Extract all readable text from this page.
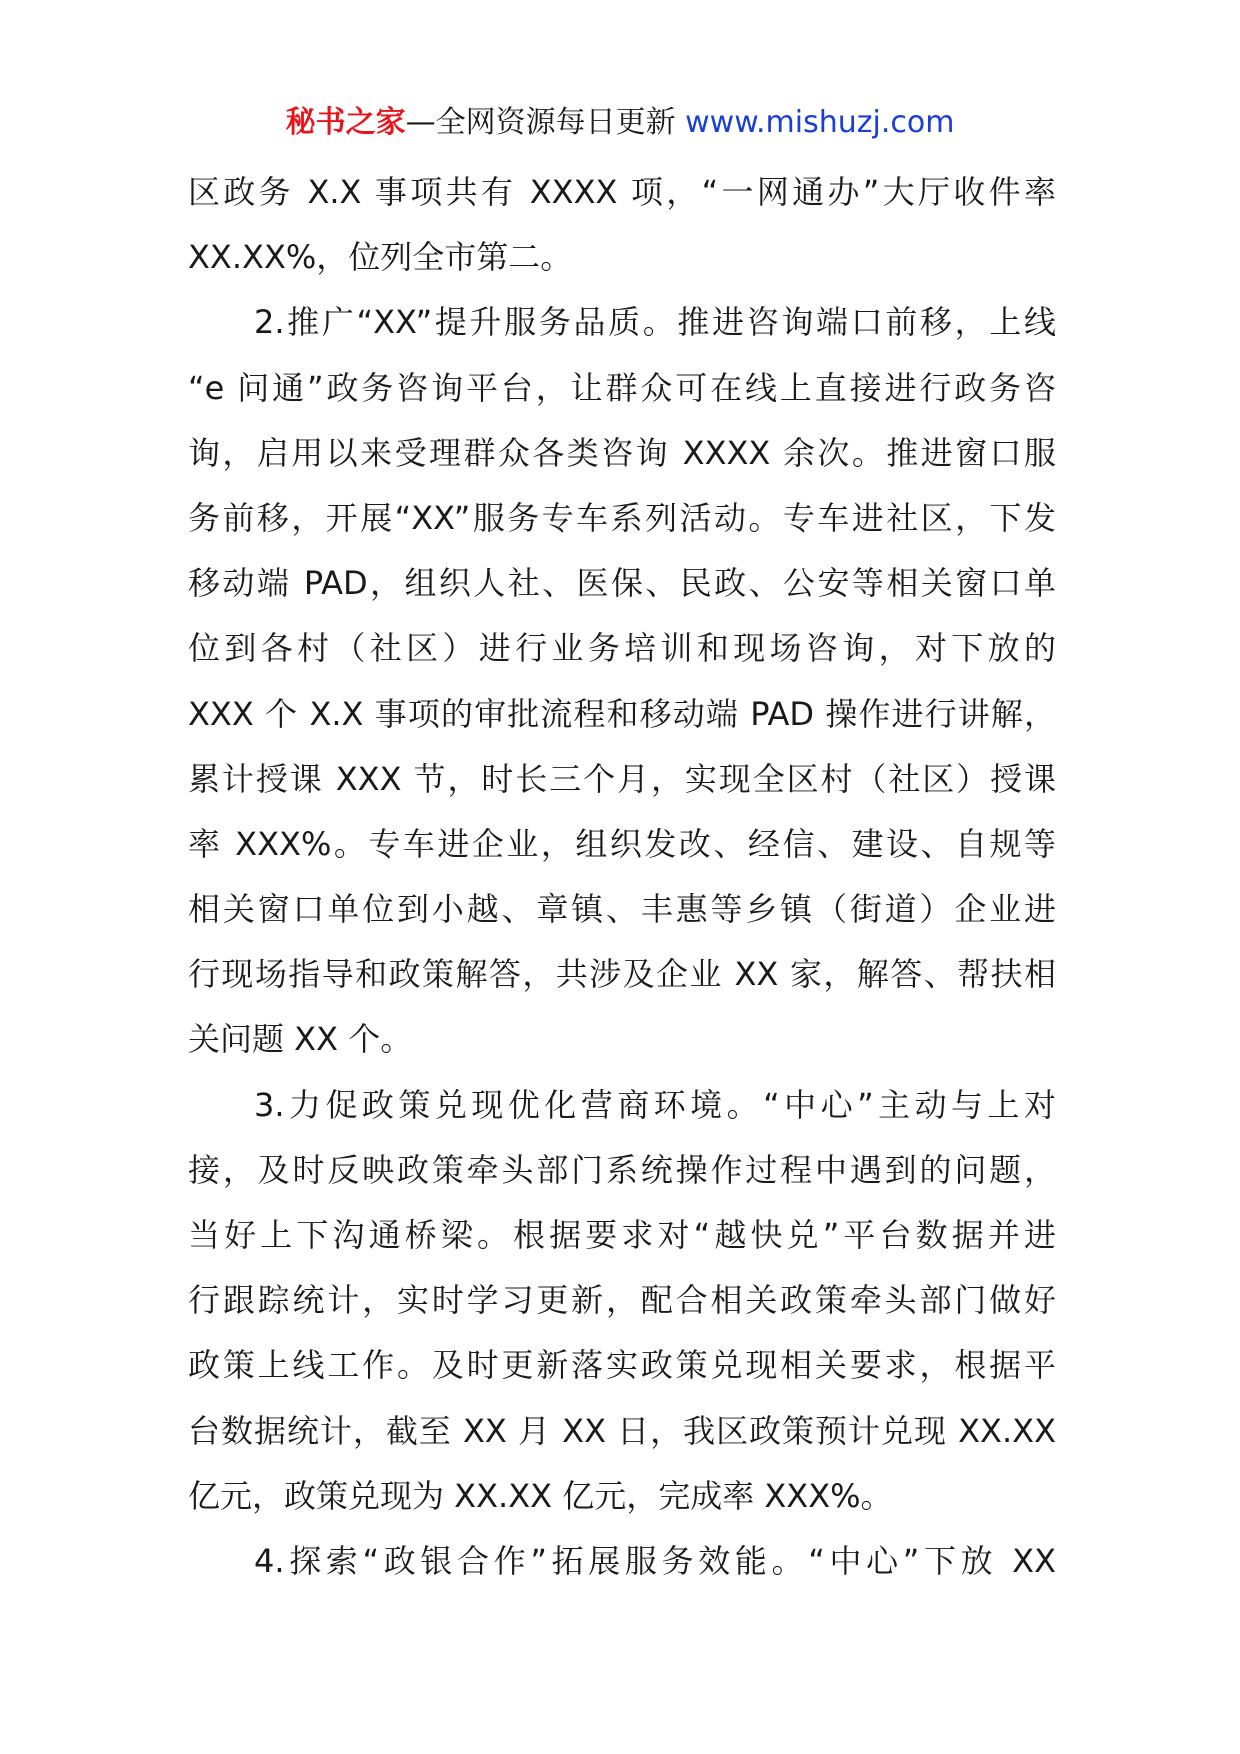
秘书之家—全网资源每日更新 www.mishuzj.com
区政务 X.X 事项共有 XXXX 项，“一网通办”大厅收件率
XX.XX%，位列全市第二。
2.推广“XX”提升服务品质。推进咨询端口前移，上线
“e 问通”政务咨询平台，让群众可在线上直接进行政务咨
询，启用以来受理群众各类咨询 XXXX 余次。推进窗口服
务前移，开展“XX”服务专车系列活动。专车进社区，下发
移动端 PAD，组织人社、医保、民政、公安等相关窗口单
位到各村（社区）进行业务培训和现场咨询，对下放的
XXX 个 X.X 事项的审批流程和移动端 PAD 操作进行讲解，
累计授课 XXX 节，时长三个月，实现全区村（社区）授课
率 XXX%。专车进企业，组织发改、经信、建设、自规等
相关窗口单位到小越、章镇、丰惠等乡镇（街道）企业进
行现场指导和政策解答，共涉及企业 XX 家，解答、帮扶相
关问题 XX 个。
3.力促政策兑现优化营商环境。“中心”主动与上对
接，及时反映政策牵头部门系统操作过程中遇到的问题，
当好上下沟通桥梁。根据要求对“越快兑”平台数据并进
行跟踪统计，实时学习更新，配合相关政策牵头部门做好
政策上线工作。及时更新落实政策兑现相关要求，根据平
台数据统计，截至 XX 月 XX 日，我区政策预计兑现 XX.XX
亿元，政策兑现为 XX.XX 亿元，完成率 XXX%。
4.探索“政银合作”拓展服务效能。“中心”下放 XX
